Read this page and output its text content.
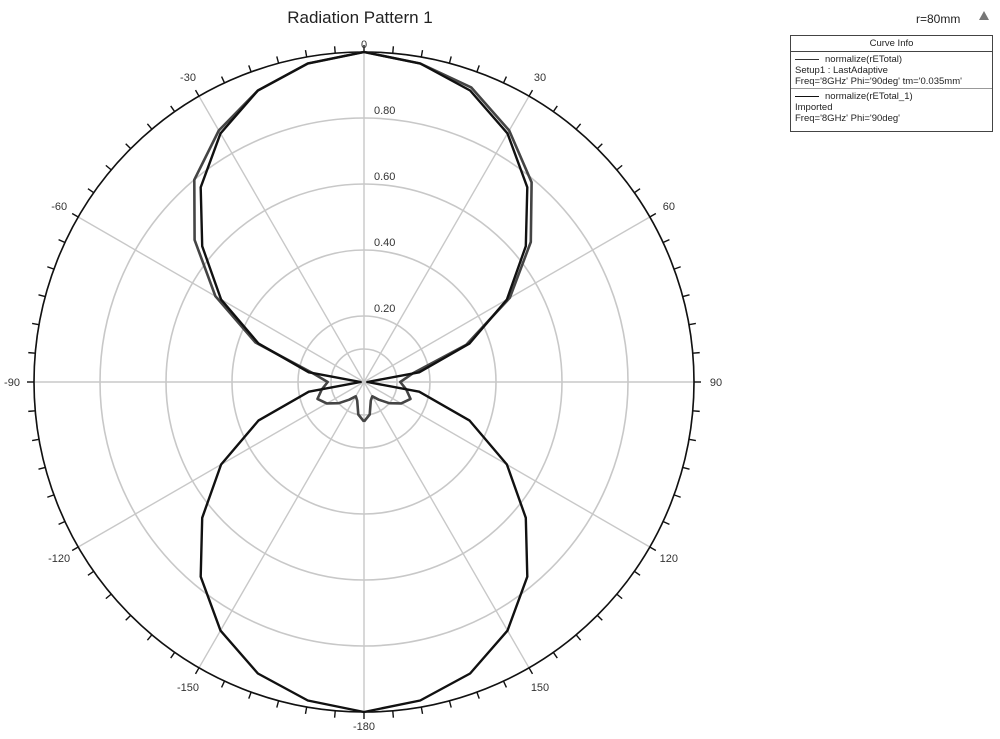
0.20
0.40
0.60
0.80
0
30
60
90
120
150
-180
-150
-120
-90
-60
-30
Radiation Pattern 1	r=80mm
Curve Info
normalize(rETotal)
Setup1 : LastAdaptive
Freq='8GHz' Phi='90deg' tm='0.035mm'
normalize(rETotal_1)
Imported
Freq='8GHz' Phi='90deg'
